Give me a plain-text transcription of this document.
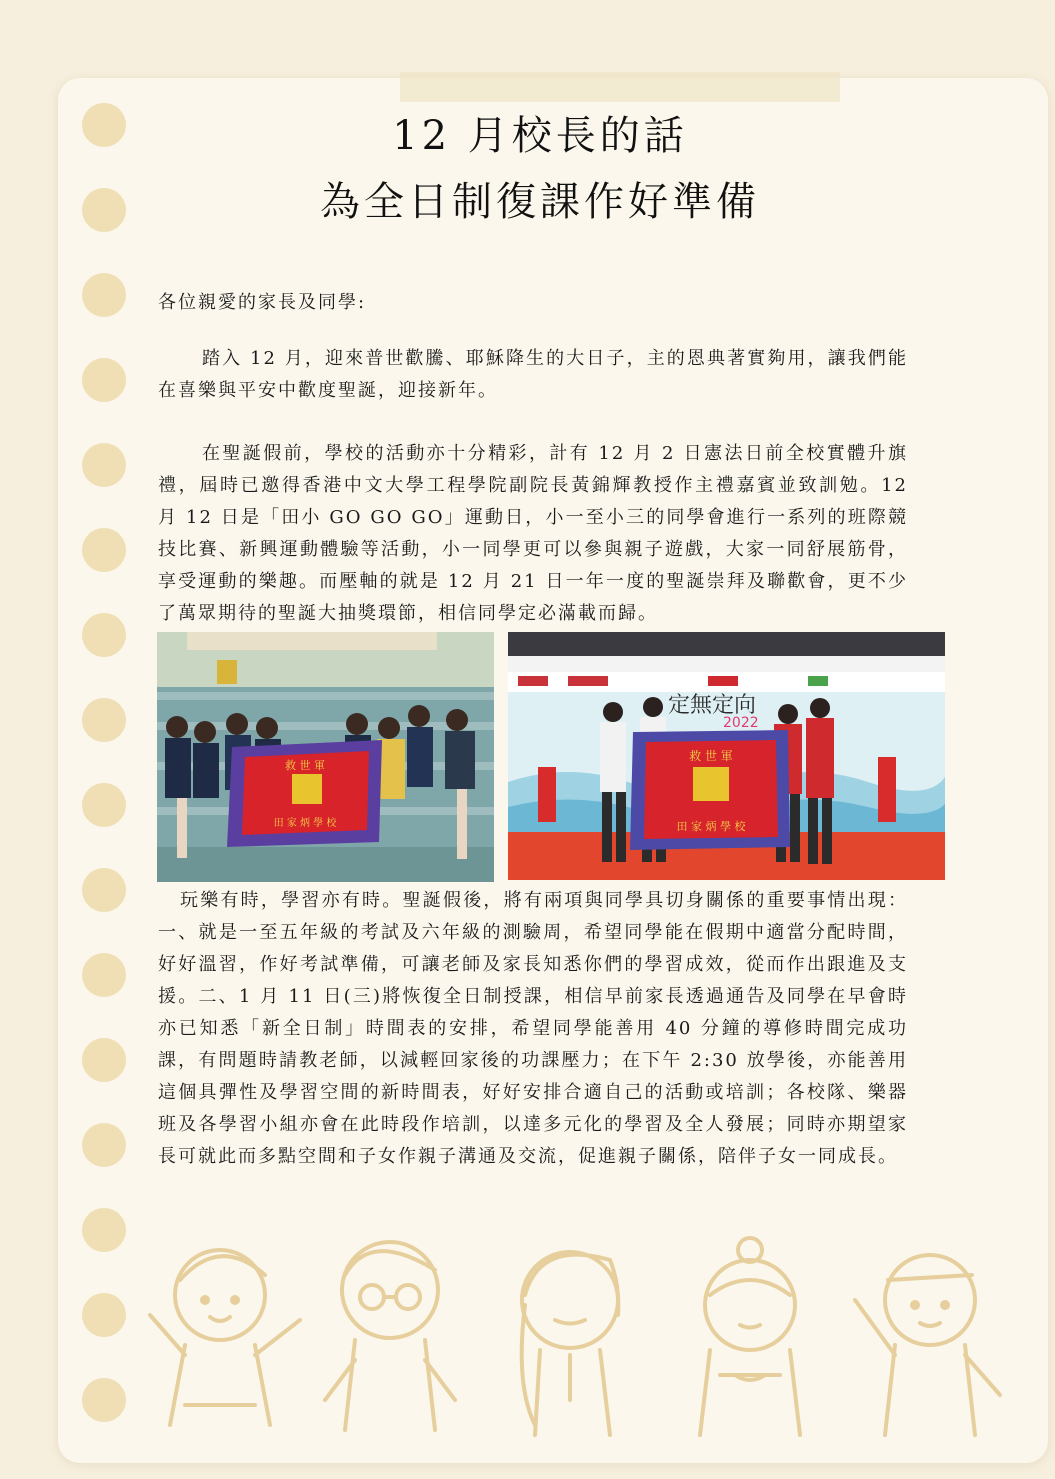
12 月校長的話
為全日制復課作好準備

各位親愛的家長及同學:

踏入 12 月，迎來普世歡騰、耶穌降生的大日子，主的恩典著實夠用，讓我們能在喜樂與平安中歡度聖誕，迎接新年。

在聖誕假前，學校的活動亦十分精彩，計有 12 月 2 日憲法日前全校實體升旗禮，屆時已邀得香港中文大學工程學院副院長黃錦輝教授作主禮嘉賓並致訓勉。12 月 12 日是「田小 GO GO GO」運動日，小一至小三的同學會進行一系列的班際競技比賽、新興運動體驗等活動，小一同學更可以參與親子遊戲，大家一同舒展筋骨，享受運動的樂趣。而壓軸的就是 12 月 21 日一年一度的聖誕崇拜及聯歡會，更不少了萬眾期待的聖誕大抽獎環節，相信同學定必滿載而歸。

救 世 軍
田 家 炳 學 校
定無定向
2022
救 世 軍
田 家 炳 學 校

玩樂有時，學習亦有時。聖誕假後，將有兩項與同學具切身關係的重要事情出現：一、就是一至五年級的考試及六年級的測驗周，希望同學能在假期中適當分配時間，好好溫習，作好考試準備，可讓老師及家長知悉你們的學習成效，從而作出跟進及支援。二、1 月 11 日(三)將恢復全日制授課，相信早前家長透過通告及同學在早會時亦已知悉「新全日制」時間表的安排，希望同學能善用 40 分鐘的導修時間完成功課，有問題時請教老師，以減輕回家後的功課壓力；在下午 2:30 放學後，亦能善用這個具彈性及學習空間的新時間表，好好安排合適自己的活動或培訓；各校隊、樂器班及各學習小組亦會在此時段作培訓，以達多元化的學習及全人發展；同時亦期望家長可就此而多點空間和子女作親子溝通及交流，促進親子關係，陪伴子女一同成長。
